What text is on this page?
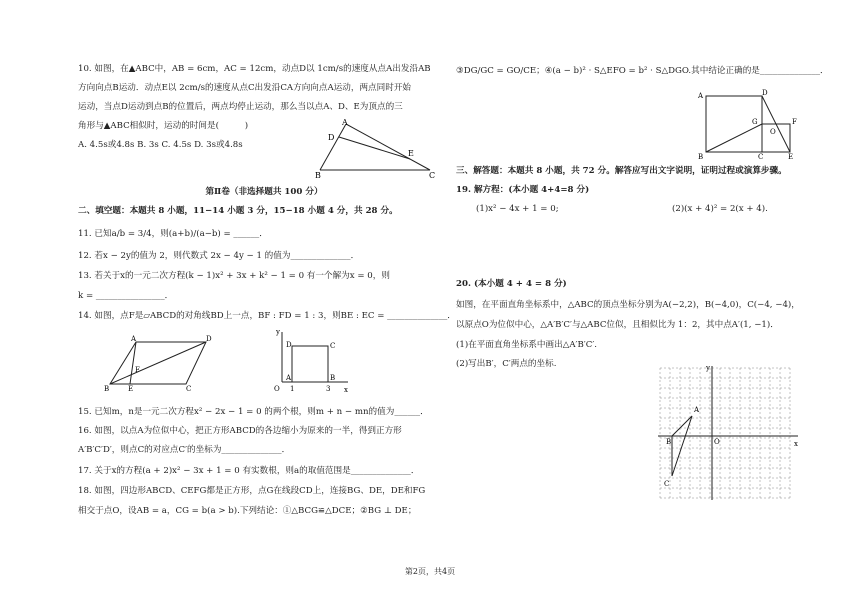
10. 如图，在▲ABC中，AB = 6cm，AC = 12cm，动点D以 1cm/s的速度从点A出发沿AB
方向向点B运动．动点E以 2cm/s的速度从点C出发沿CA方向向点A运动，两点同时开始
运动，当点D运动到点B的位置后，两点均停止运动，那么当以点A、D、E为顶点的三
角形与▲ABC相似时，运动的时间是(　　　)
A. 4.5s或4.8s B. 3s C. 4.5s D. 3s或4.8s
A
D
E
B	C
第Ⅱ卷（非选择题共 100 分）
二、填空题：本题共 8 小题，11−14 小题 3 分，15−18 小题 4 分，共 28 分。
11. 已知a/b = 3/4，则(a+b)/(a−b) = ______．
12. 若x − 2y的值为 2，则代数式 2x − 4y − 1 的值为______________．
13. 若关于x的一元二次方程(k − 1)x² + 3x + k² − 1 = 0 有一个解为x = 0，则
k = ________________．
14. 如图，点F是▱ABCD的对角线BD上一点，BF : FD = 1 : 3，则BE : EC = ______________．
A	D
F
B	E	C
y
x
D	C
A	B
O 1	3
15. 已知m，n是一元二次方程x² − 2x − 1 = 0 的两个根，则m + n − mn的值为______．
16. 如图，以点A为位似中心，把正方形ABCD的各边缩小为原来的一半，得到正方形
A′B′C′D′，则点C的对应点C′的坐标为______________．
17. 关于x的方程(a + 2)x² − 3x + 1 = 0 有实数根，则a的取值范围是______________．
18. 如图，四边形ABCD、CEFG都是正方形，点G在线段CD上，连接BG、DE，DE和FG
相交于点O，设AB = a，CG = b(a > b).下列结论：①△BCG≌△DCE；②BG ⊥ DE；
③DG/GC = GO/CE；④(a − b)² · S△EFO = b² · S△DGO.其中结论正确的是______________．
A	D
G
O
F
B	C	E
三、解答题：本题共 8 小题，共 72 分。解答应写出文字说明，证明过程或演算步骤。
19. 解方程：(本小题 4+4=8 分)
(1)x² − 4x + 1 = 0;	(2)(x + 4)² = 2(x + 4).
20. (本小题 4 + 4 = 8 分)
如图，在平面直角坐标系中，△ABC的顶点坐标分别为A(−2,2)，B(−4,0)，C(−4, −4)，
以原点O为位似中心，△A′B′C′与△ABC位似，且相似比为 1：2，其中点A′(1, −1)．
(1)在平面直角坐标系中画出△A′B′C′.
(2)写出B′，C′两点的坐标.	y
x
O
A
B
C
第2页，共4页
